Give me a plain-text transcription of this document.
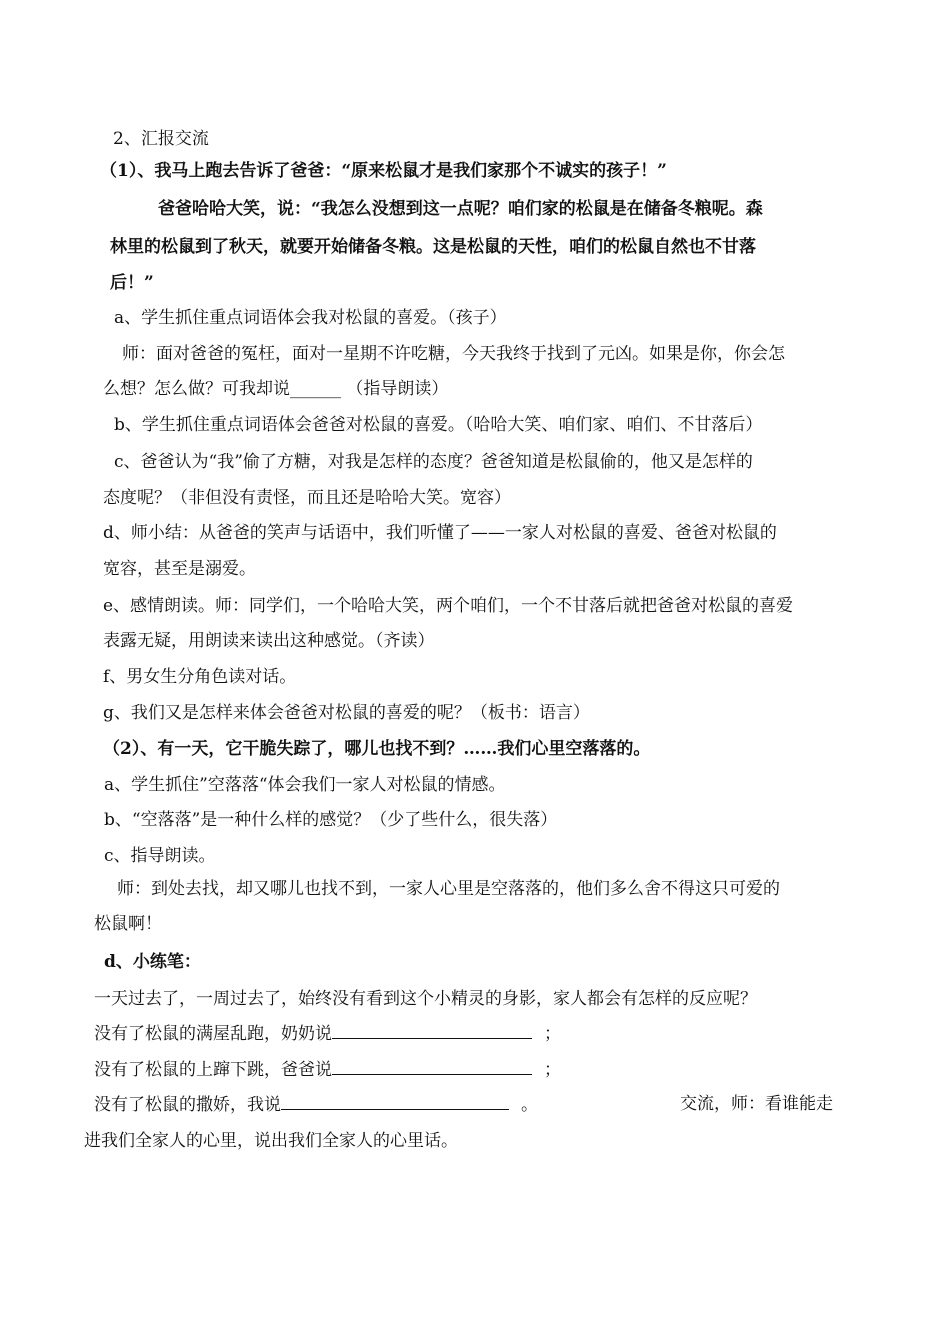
2、汇报交流
（1）、我马上跑去告诉了爸爸：“原来松鼠才是我们家那个不诚实的孩子！”
爸爸哈哈大笑，说：“我怎么没想到这一点呢？咱们家的松鼠是在储备冬粮呢。森
林里的松鼠到了秋天，就要开始储备冬粮。这是松鼠的天性，咱们的松鼠自然也不甘落
后！”
a、学生抓住重点词语体会我对松鼠的喜爱。（孩子）
师：面对爸爸的冤枉，面对一星期不许吃糖，今天我终于找到了元凶。如果是你，你会怎
么想？怎么做？可我却说______ （指导朗读）
b、学生抓住重点词语体会爸爸对松鼠的喜爱。（哈哈大笑、咱们家、咱们、不甘落后）
c、爸爸认为“我”偷了方糖，对我是怎样的态度？爸爸知道是松鼠偷的，他又是怎样的
态度呢？（非但没有责怪，而且还是哈哈大笑。宽容）
d、师小结：从爸爸的笑声与话语中，我们听懂了——一家人对松鼠的喜爱、爸爸对松鼠的
宽容，甚至是溺爱。
e、感情朗读。师：同学们，一个哈哈大笑，两个咱们，一个不甘落后就把爸爸对松鼠的喜爱
表露无疑，用朗读来读出这种感觉。（齐读）
f、男女生分角色读对话。
g、我们又是怎样来体会爸爸对松鼠的喜爱的呢？（板书：语言）
（2）、有一天，它干脆失踪了，哪儿也找不到？……我们心里空落落的。
a、学生抓住”空落落“体会我们一家人对松鼠的情感。
b、“空落落”是一种什么样的感觉？（少了些什么，很失落）
c、指导朗读。
师：到处去找，却又哪儿也找不到，一家人心里是空落落的，他们多么舍不得这只可爱的
松鼠啊！
d、小练笔：
一天过去了，一周过去了，始终没有看到这个小精灵的身影，家人都会有怎样的反应呢？
没有了松鼠的满屋乱跑，奶奶说	；
没有了松鼠的上蹿下跳，爸爸说	；
没有了松鼠的撒娇，我说	。	交流，师：看谁能走
进我们全家人的心里，说出我们全家人的心里话。
